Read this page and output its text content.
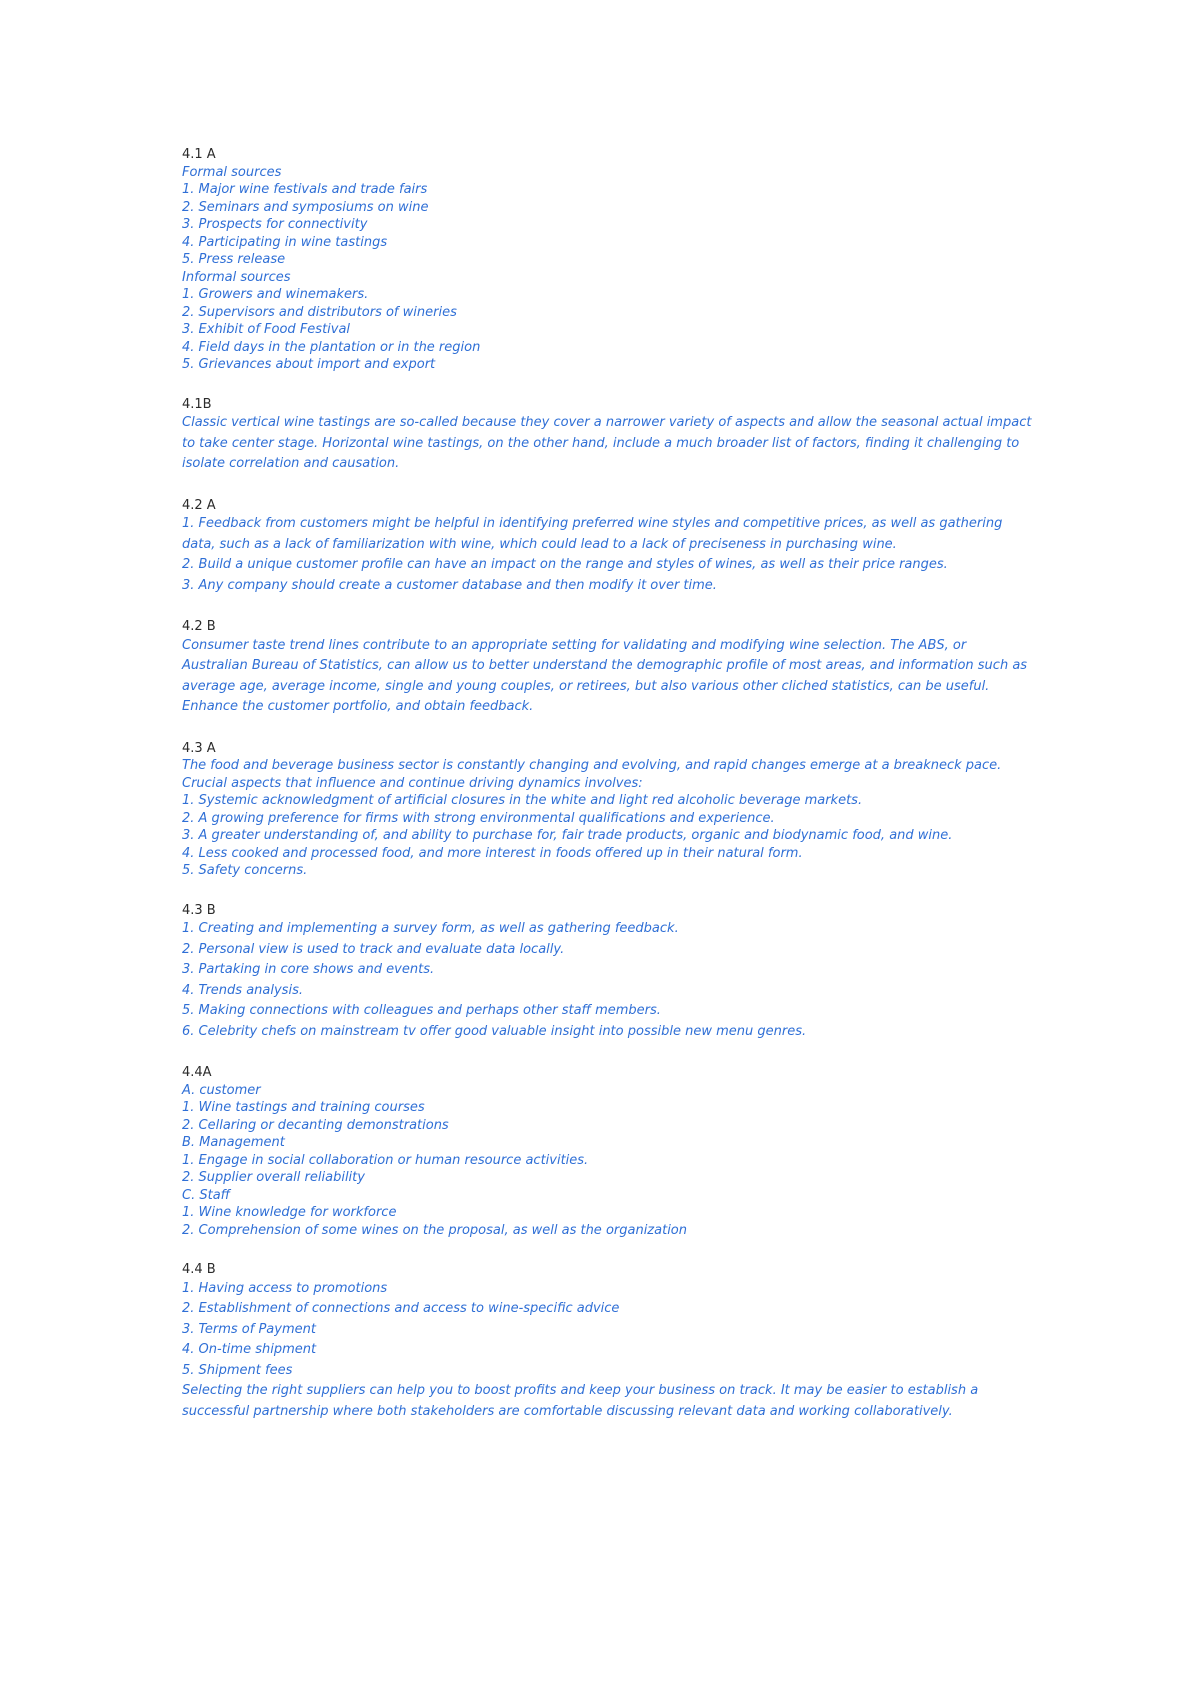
4.1 A
Formal sources
1. Major wine festivals and trade fairs
2. Seminars and symposiums on wine
3. Prospects for connectivity
4. Participating in wine tastings
5. Press release
Informal sources
1. Growers and winemakers.
2. Supervisors and distributors of wineries
3. Exhibit of Food Festival
4. Field days in the plantation or in the region
5. Grievances about import and export
4.1B
Classic vertical wine tastings are so-called because they cover a narrower variety of aspects and allow the seasonal actual impact to take center stage. Horizontal wine tastings, on the other hand, include a much broader list of factors, finding it challenging to isolate correlation and causation.
4.2 A
1. Feedback from customers might be helpful in identifying preferred wine styles and competitive prices, as well as gathering data, such as a lack of familiarization with wine, which could lead to a lack of preciseness in purchasing wine.
2. Build a unique customer profile can have an impact on the range and styles of wines, as well as their price ranges.
3. Any company should create a customer database and then modify it over time.
4.2 B
Consumer taste trend lines contribute to an appropriate setting for validating and modifying wine selection. The ABS, or Australian Bureau of Statistics, can allow us to better understand the demographic profile of most areas, and information such as average age, average income, single and young couples, or retirees, but also various other cliched statistics, can be useful. Enhance the customer portfolio, and obtain feedback.
4.3 A
The food and beverage business sector is constantly changing and evolving, and rapid changes emerge at a breakneck pace.
Crucial aspects that influence and continue driving dynamics involves:
1. Systemic acknowledgment of artificial closures in the white and light red alcoholic beverage markets.
2. A growing preference for firms with strong environmental qualifications and experience.
3. A greater understanding of, and ability to purchase for, fair trade products, organic and biodynamic food, and wine.
4. Less cooked and processed food, and more interest in foods offered up in their natural form.
5. Safety concerns.
4.3 B
1. Creating and implementing a survey form, as well as gathering feedback.
2. Personal view is used to track and evaluate data locally.
3. Partaking in core shows and events.
4. Trends analysis.
5. Making connections with colleagues and perhaps other staff members.
6. Celebrity chefs on mainstream tv offer good valuable insight into possible new menu genres.
4.4A
A. customer
1. Wine tastings and training courses
2. Cellaring or decanting demonstrations
B. Management
1. Engage in social collaboration or human resource activities.
2. Supplier overall reliability
C. Staff
1. Wine knowledge for workforce
2. Comprehension of some wines on the proposal, as well as the organization
4.4 B
1. Having access to promotions
2. Establishment of connections and access to wine-specific advice
3. Terms of Payment
4. On-time shipment
5. Shipment fees
Selecting the right suppliers can help you to boost profits and keep your business on track. It may be easier to establish a successful partnership where both stakeholders are comfortable discussing relevant data and working collaboratively.
